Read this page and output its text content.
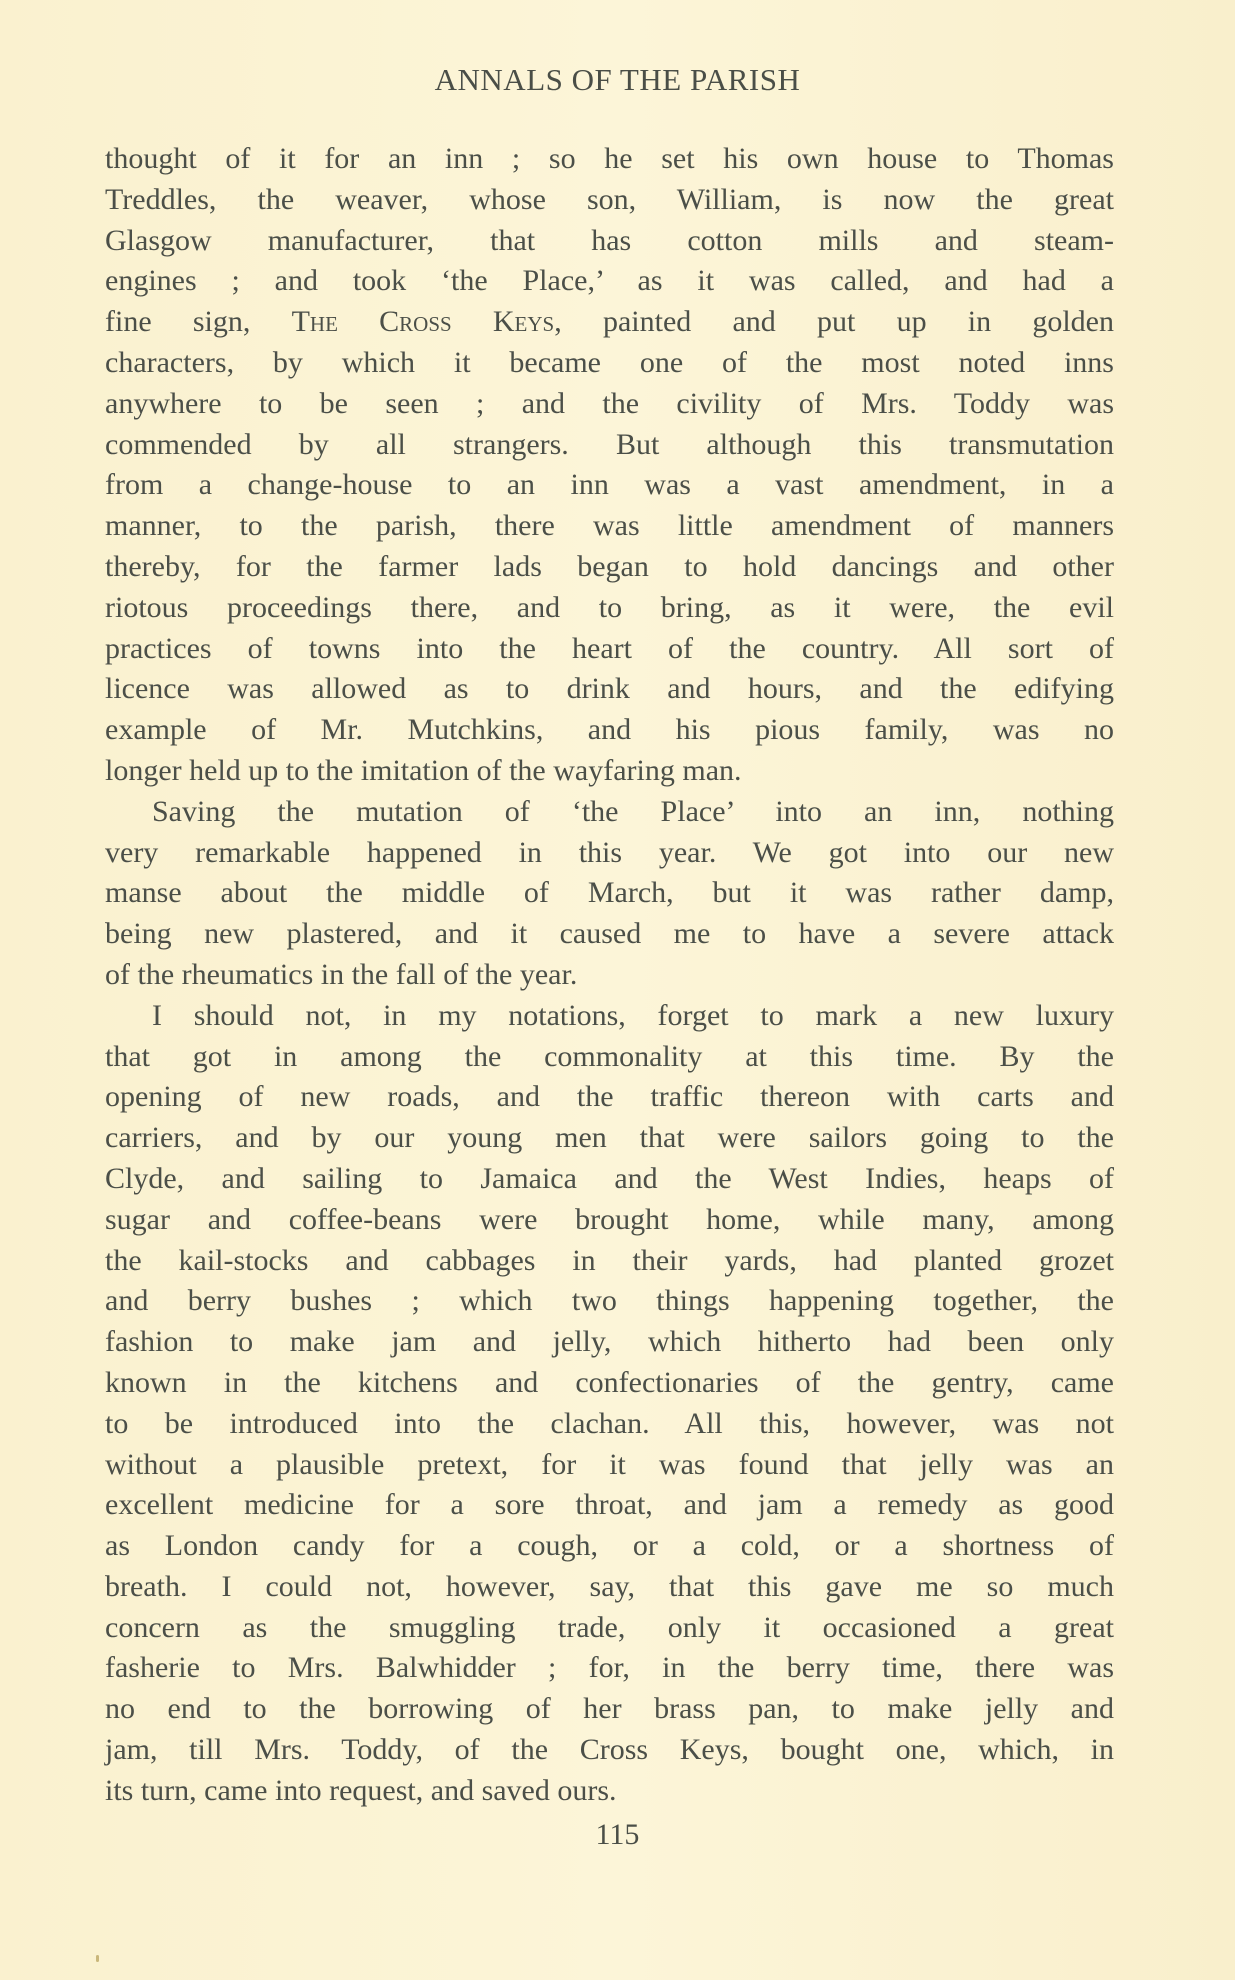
ANNALS OF THE PARISH
thought of it for an inn ; so he set his own house to Thomas
Treddles, the weaver, whose son, William, is now the great
Glasgow manufacturer, that has cotton mills and steam-
engines ; and took ‘the Place,’ as it was called, and had a
fine sign, The Cross Keys, painted and put up in golden
characters, by which it became one of the most noted inns
anywhere to be seen ; and the civility of Mrs. Toddy was
commended by all strangers. But although this transmutation
from a change-house to an inn was a vast amendment, in a
manner, to the parish, there was little amendment of manners
thereby, for the farmer lads began to hold dancings and other
riotous proceedings there, and to bring, as it were, the evil
practices of towns into the heart of the country. All sort of
licence was allowed as to drink and hours, and the edifying
example of Mr. Mutchkins, and his pious family, was no
longer held up to the imitation of the wayfaring man.
Saving the mutation of ‘the Place’ into an inn, nothing
very remarkable happened in this year. We got into our new
manse about the middle of March, but it was rather damp,
being new plastered, and it caused me to have a severe attack
of the rheumatics in the fall of the year.
I should not, in my notations, forget to mark a new luxury
that got in among the commonality at this time. By the
opening of new roads, and the traffic thereon with carts and
carriers, and by our young men that were sailors going to the
Clyde, and sailing to Jamaica and the West Indies, heaps of
sugar and coffee-beans were brought home, while many, among
the kail-stocks and cabbages in their yards, had planted grozet
and berry bushes ; which two things happening together, the
fashion to make jam and jelly, which hitherto had been only
known in the kitchens and confectionaries of the gentry, came
to be introduced into the clachan. All this, however, was not
without a plausible pretext, for it was found that jelly was an
excellent medicine for a sore throat, and jam a remedy as good
as London candy for a cough, or a cold, or a shortness of
breath. I could not, however, say, that this gave me so much
concern as the smuggling trade, only it occasioned a great
fasherie to Mrs. Balwhidder ; for, in the berry time, there was
no end to the borrowing of her brass pan, to make jelly and
jam, till Mrs. Toddy, of the Cross Keys, bought one, which, in
its turn, came into request, and saved ours.
115
